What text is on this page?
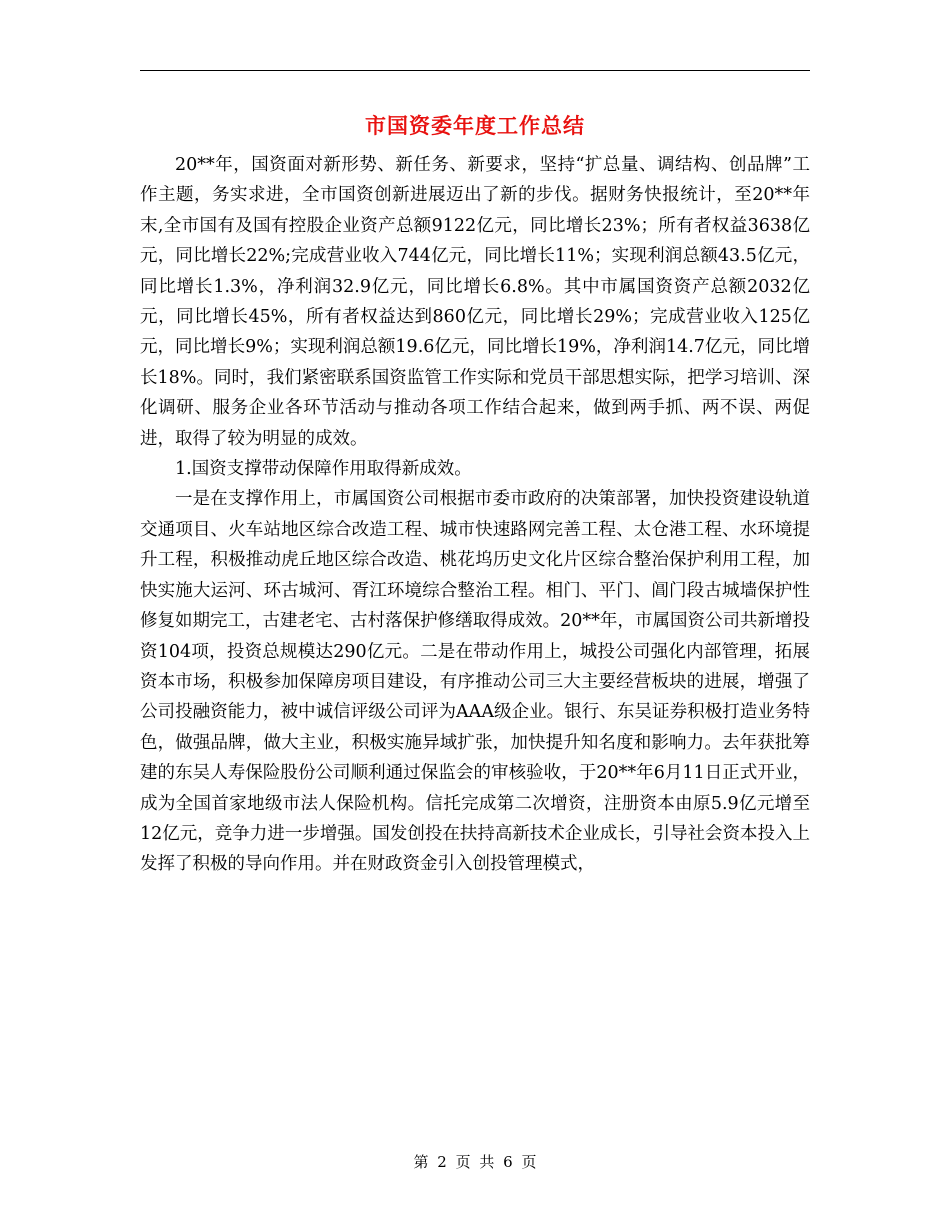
市国资委年度工作总结

20**年，国资面对新形势、新任务、新要求，坚持“扩总量、调结构、创品牌”工作主题，务实求进，全市国资创新进展迈出了新的步伐。据财务快报统计，至20**年末,全市国有及国有控股企业资产总额9122亿元，同比增长23%；所有者权益3638亿元，同比增长22%;完成营业收入744亿元，同比增长11%；实现利润总额43.5亿元，同比增长1.3%，净利润32.9亿元，同比增长6.8%。其中市属国资资产总额2032亿元，同比增长45%，所有者权益达到860亿元，同比增长29%；完成营业收入125亿元，同比增长9%；实现利润总额19.6亿元，同比增长19%，净利润14.7亿元，同比增长18%。同时，我们紧密联系国资监管工作实际和党员干部思想实际，把学习培训、深化调研、服务企业各环节活动与推动各项工作结合起来，做到两手抓、两不误、两促进，取得了较为明显的成效。

1.国资支撑带动保障作用取得新成效。

一是在支撑作用上，市属国资公司根据市委市政府的决策部署，加快投资建设轨道交通项目、火车站地区综合改造工程、城市快速路网完善工程、太仓港工程、水环境提升工程，积极推动虎丘地区综合改造、桃花坞历史文化片区综合整治保护利用工程，加快实施大运河、环古城河、胥江环境综合整治工程。相门、平门、阊门段古城墙保护性修复如期完工，古建老宅、古村落保护修缮取得成效。20**年，市属国资公司共新增投资104项，投资总规模达290亿元。二是在带动作用上，城投公司强化内部管理，拓展资本市场，积极参加保障房项目建设，有序推动公司三大主要经营板块的进展，增强了公司投融资能力，被中诚信评级公司评为AAA级企业。银行、东吴证券积极打造业务特色，做强品牌，做大主业，积极实施异域扩张，加快提升知名度和影响力。去年获批筹建的东吴人寿保险股份公司顺利通过保监会的审核验收，于20**年6月11日正式开业，成为全国首家地级市法人保险机构。信托完成第二次增资，注册资本由原5.9亿元增至12亿元，竞争力进一步增强。国发创投在扶持高新技术企业成长，引导社会资本投入上发挥了积极的导向作用。并在财政资金引入创投管理模式，

第 2 页 共 6 页
